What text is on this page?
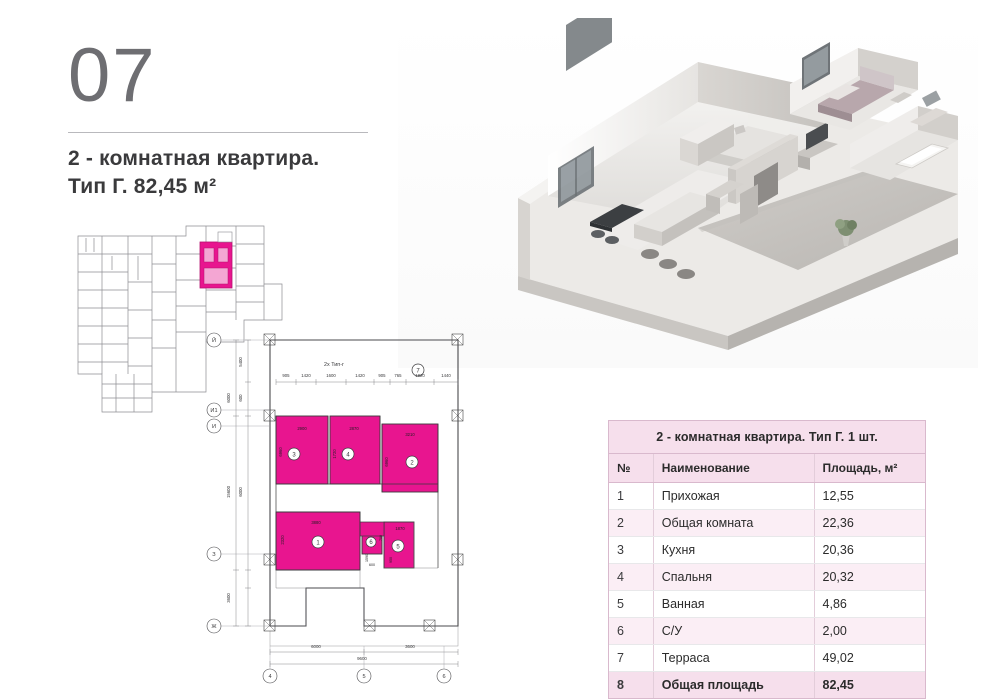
07
2 - комнатная квартира.
Тип Г. 82,45 м²
3	4
2
1
5
6
7
2х Тип-г
905	1420	1600	1420	905 765	1820	1440
5400
600
15600 6000
6000
3600
Й
И1
И
З
Ж
6000	3600
9600
4	5	6
2900
6960
2870
1720
3210
6960
3880
2320
1870
700
1590
600
950
2 - комнатная квартира. Тип Г. 1 шт.
№	Наименование	Площадь, м²
1	Прихожая	12,55
2	Общая комната	22,36
3	Кухня	20,36
4	Спальня	20,32
5	Ванная	4,86
6	С/У	2,00
7	Терраса	49,02
8	Общая площадь	82,45
